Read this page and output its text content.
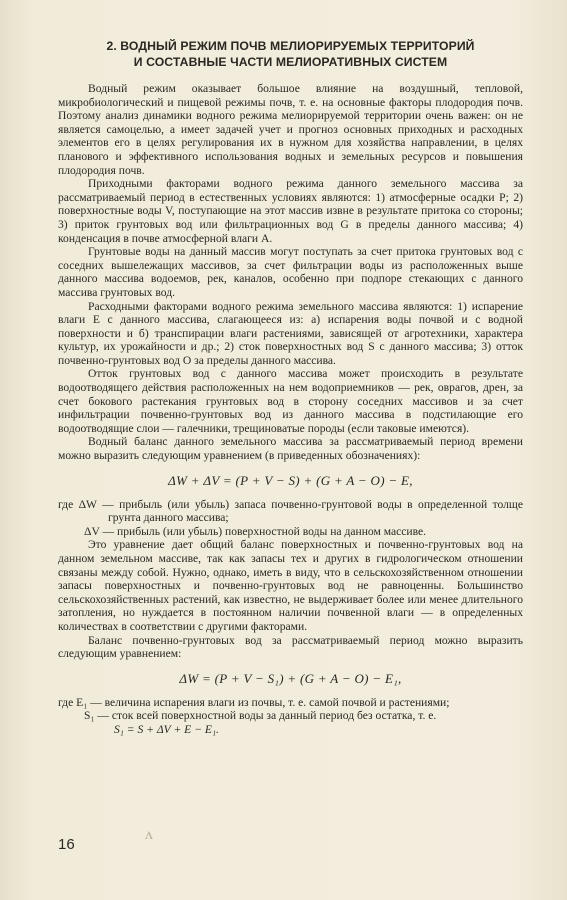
2. ВОДНЫЙ РЕЖИМ ПОЧВ МЕЛИОРИРУЕМЫХ ТЕРРИТОРИЙ
И СОСТАВНЫЕ ЧАСТИ МЕЛИОРАТИВНЫХ СИСТЕМ

Водный режим оказывает большое влияние на воздушный, тепловой, микробиологический и пищевой режимы почв, т. е. на основные факторы плодородия почв. Поэтому анализ динамики водного режима мелиорируемой территории очень важен: он не является самоцелью, а имеет задачей учет и прогноз основных приходных и расходных элементов его в целях регулирования их в нужном для хозяйства направлении, в целях планового и эффективного использования водных и земельных ресурсов и повышения плодородия почв.

Приходными факторами водного режима данного земельного массива за рассматриваемый период в естественных условиях являются: 1) атмосферные осадки P; 2) поверхностные воды V, поступающие на этот массив извне в результате притока со стороны; 3) приток грунтовых вод или фильтрационных вод G в пределы данного массива; 4) конденсация в почве атмосферной влаги A.

Грунтовые воды на данный массив могут поступать за счет притока грунтовых вод с соседних вышележащих массивов, за счет фильтрации воды из расположенных выше данного массива водоемов, рек, каналов, особенно при подпоре стекающих с данного массива грунтовых вод.

Расходными факторами водного режима земельного массива являются: 1) испарение влаги E с данного массива, слагающееся из: а) испарения воды почвой и с водной поверхности и б) транспирации влаги растениями, зависящей от агротехники, характера культур, их урожайности и др.; 2) сток поверхностных вод S с данного массива; 3) отток почвенно-грунтовых вод O за пределы данного массива.

Отток грунтовых вод с данного массива может происходить в результате водоотводящего действия расположенных на нем водоприемников — рек, оврагов, дрен, за счет бокового растекания грунтовых вод в сторону соседних массивов и за счет инфильтрации почвенно-грунтовых вод из данного массива в подстилающие его водоотводящие слои — галечники, трещиноватые породы (если таковые имеются).

Водный баланс данного земельного массива за рассматриваемый период времени можно выразить следующим уравнением (в приведенных обозначениях):

ΔW + ΔV = (P + V − S) + (G + A − O) − E,
где ΔW — прибыль (или убыль) запаса почвенно-грунтовой воды в определенной толще грунта данного массива;
ΔV — прибыль (или убыль) поверхностной воды на данном массиве.

Это уравнение дает общий баланс поверхностных и почвенно-грунтовых вод на данном земельном массиве, так как запасы тех и других в гидрологическом отношении связаны между собой. Нужно, однако, иметь в виду, что в сельскохозяйственном отношении запасы поверхностных и почвенно-грунтовых вод не равноценны. Большинство сельскохозяйственных растений, как известно, не выдерживает более или менее длительного затопления, но нуждается в постоянном наличии почвенной влаги — в определенных количествах в соответствии с другими факторами.

Баланс почвенно-грунтовых вод за рассматриваемый период можно выразить следующим уравнением:

ΔW = (P + V − S₁) + (G + A − O) − E₁,
где E₁ — величина испарения влаги из почвы, т. е. самой почвой и растениями;
S₁ — сток всей поверхностной воды за данный период без остатка, т. е.
S₁ = S + ΔV + E − E₁.
16
ʌ
